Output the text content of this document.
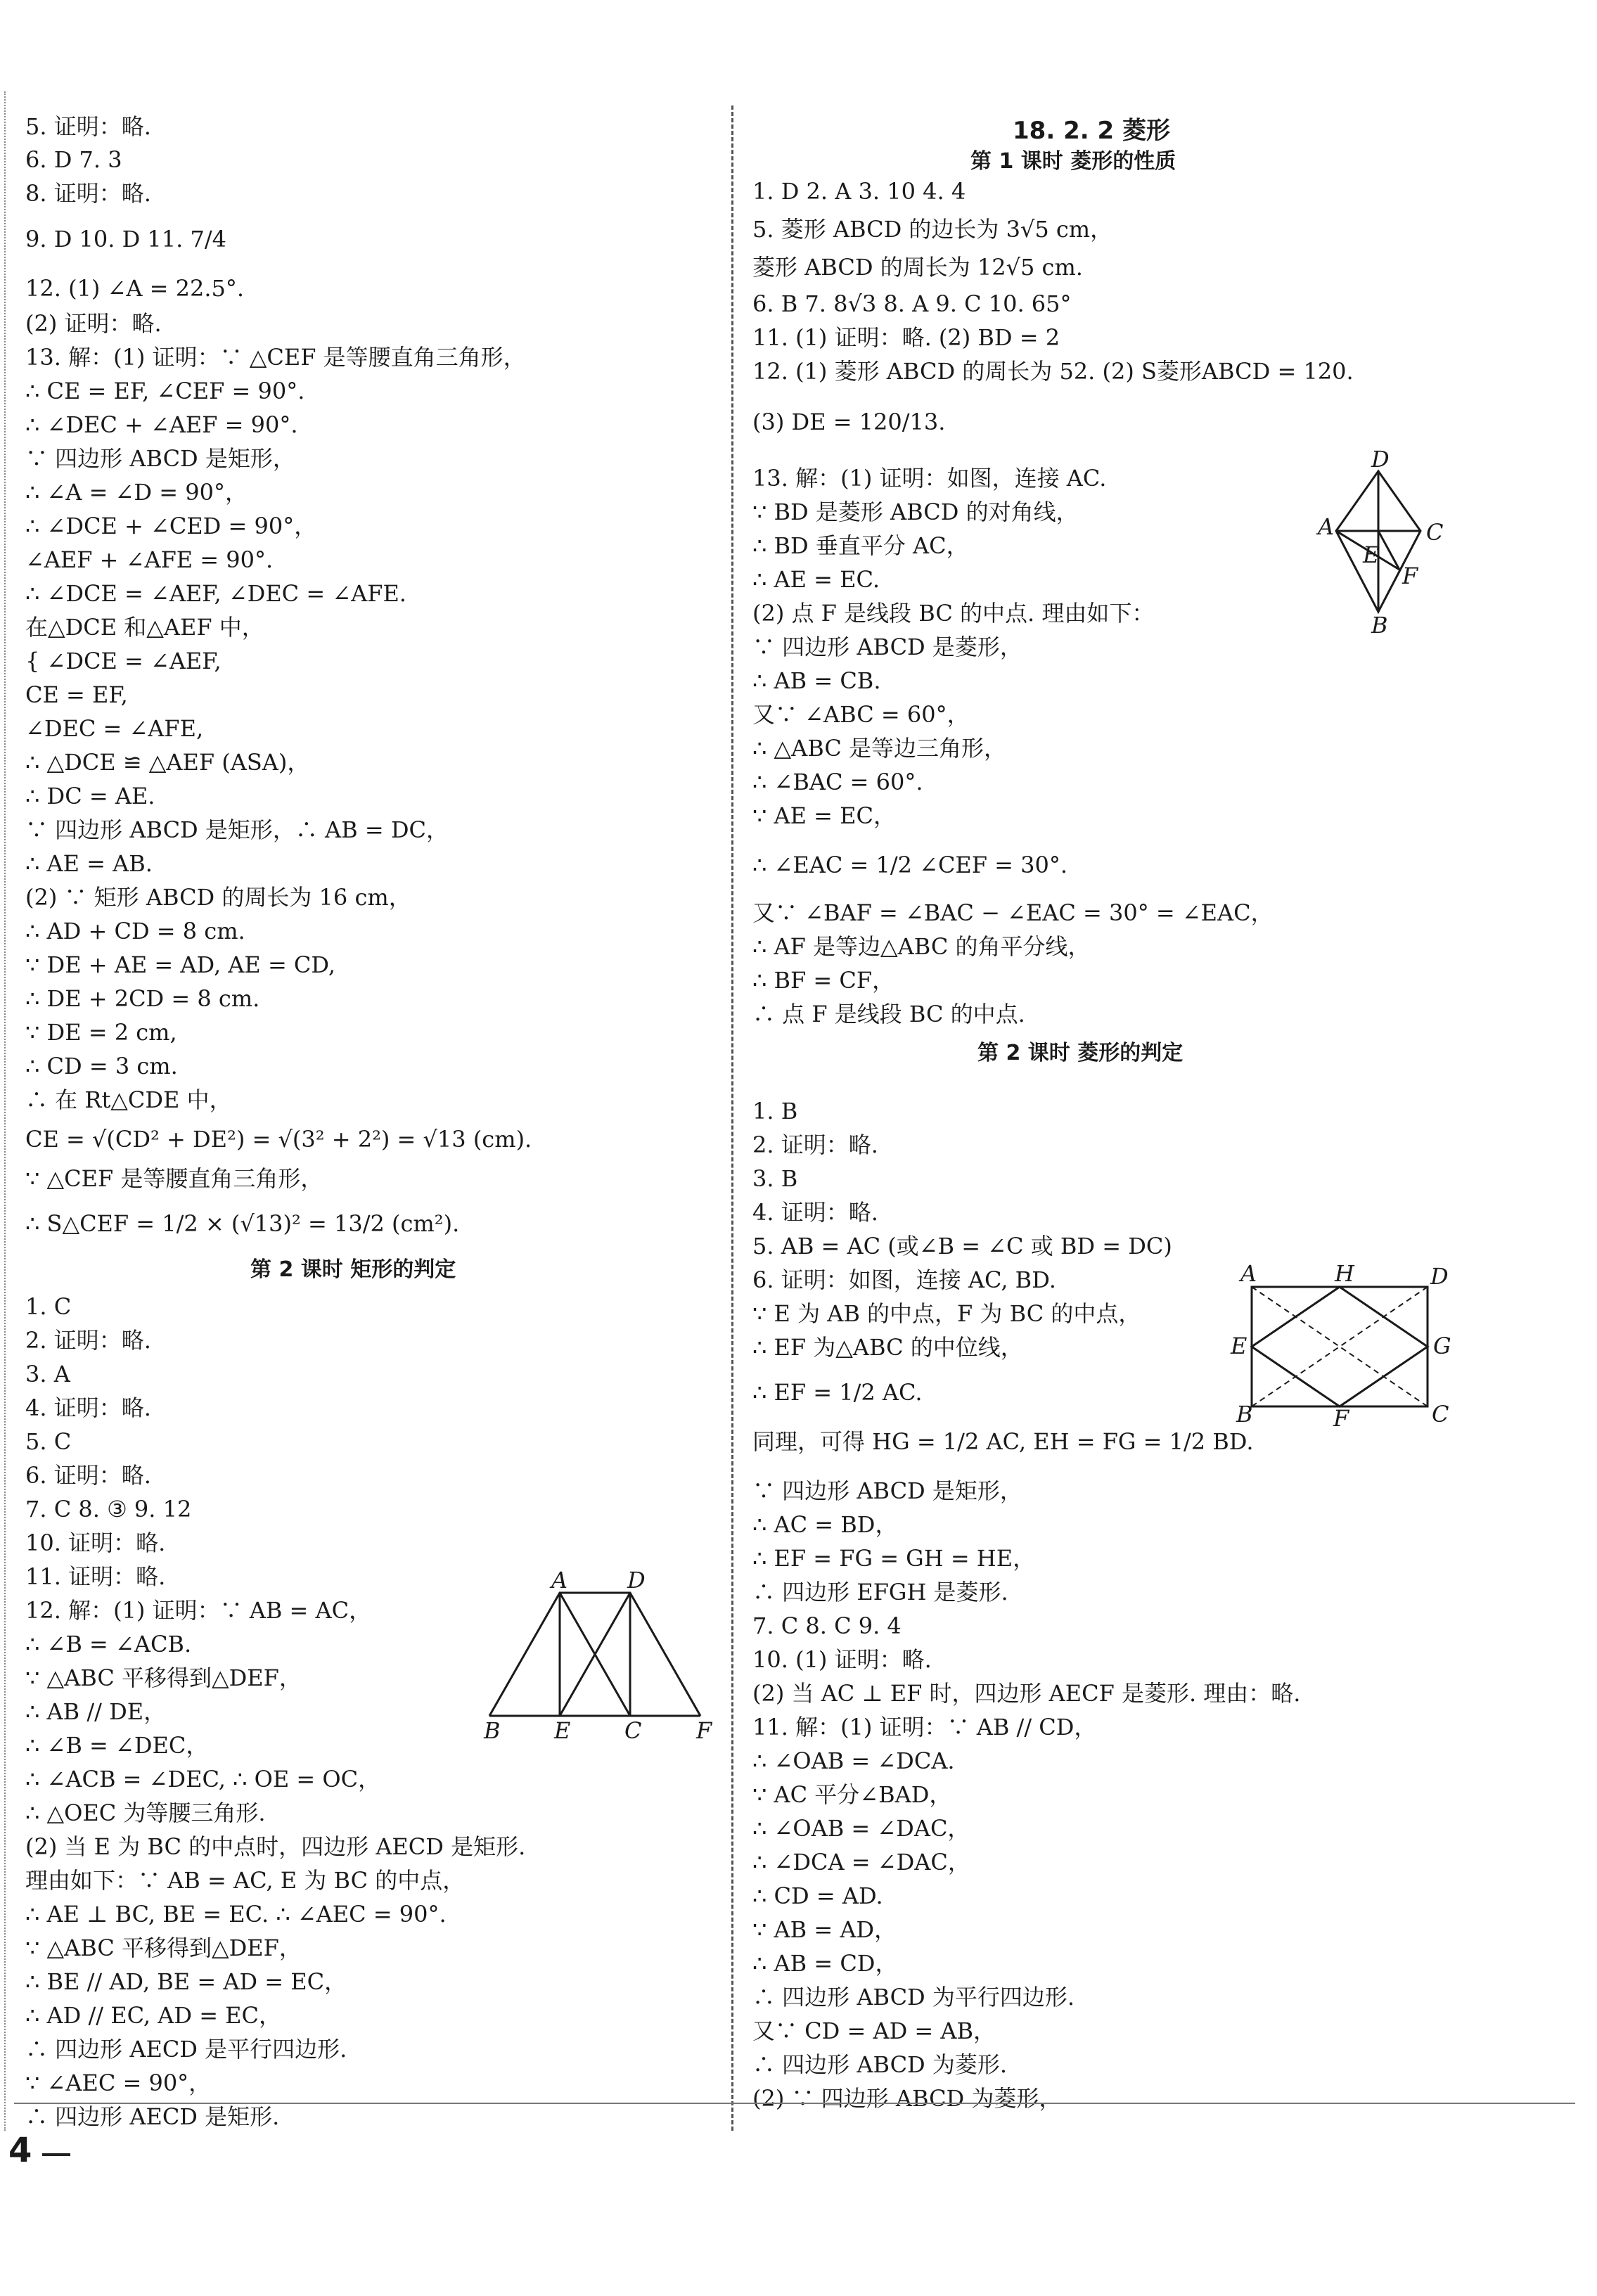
5. 证明：略.
6. D 7. 3
8. 证明：略.
9. D 10. D 11. 7/4
12. (1) ∠A = 22.5°.
(2) 证明：略.
13. 解：(1) 证明：∵ △CEF 是等腰直角三角形，
∴ CE = EF, ∠CEF = 90°.
∴ ∠DEC + ∠AEF = 90°.
∵ 四边形 ABCD 是矩形，
∴ ∠A = ∠D = 90°，
∴ ∠DCE + ∠CED = 90°，
∠AEF + ∠AFE = 90°.
∴ ∠DCE = ∠AEF, ∠DEC = ∠AFE.
在△DCE 和△AEF 中，
{ ∠DCE = ∠AEF,
CE = EF,
∠DEC = ∠AFE,
∴ △DCE ≌ △AEF (ASA)，
∴ DC = AE.
∵ 四边形 ABCD 是矩形，∴ AB = DC，
∴ AE = AB.
(2) ∵ 矩形 ABCD 的周长为 16 cm，
∴ AD + CD = 8 cm.
∵ DE + AE = AD, AE = CD,
∴ DE + 2CD = 8 cm.
∵ DE = 2 cm,
∴ CD = 3 cm.
∴ 在 Rt△CDE 中，
CE = √(CD² + DE²) = √(3² + 2²) = √13 (cm).
∵ △CEF 是等腰直角三角形，
∴ S△CEF = 1/2 × (√13)² = 13/2 (cm²).
第 2 课时 矩形的判定
1. C
2. 证明：略.
3. A
4. 证明：略.
5. C
6. 证明：略.
7. C 8. ③ 9. 12
10. 证明：略.
11. 证明：略.
12. 解：(1) 证明：∵ AB = AC，
∴ ∠B = ∠ACB.
∵ △ABC 平移得到△DEF，
∴ AB // DE，
∴ ∠B = ∠DEC，
∴ ∠ACB = ∠DEC, ∴ OE = OC，
∴ △OEC 为等腰三角形.
(2) 当 E 为 BC 的中点时，四边形 AECD 是矩形.
理由如下：∵ AB = AC, E 为 BC 的中点，
∴ AE ⊥ BC, BE = EC. ∴ ∠AEC = 90°.
∵ △ABC 平移得到△DEF，
∴ BE // AD, BE = AD = EC，
∴ AD // EC, AD = EC，
∴ 四边形 AECD 是平行四边形.
∵ ∠AEC = 90°，
∴ 四边形 AECD 是矩形.
A	D
B E C F
18. 2. 2 菱形
第 1 课时 菱形的性质
1. D 2. A 3. 10 4. 4
5. 菱形 ABCD 的边长为 3√5 cm，
菱形 ABCD 的周长为 12√5 cm.
6. B 7. 8√3 8. A 9. C 10. 65°
11. (1) 证明：略. (2) BD = 2
12. (1) 菱形 ABCD 的周长为 52. (2) S菱形ABCD = 120.
(3) DE = 120/13.
13. 解：(1) 证明：如图，连接 AC.
∵ BD 是菱形 ABCD 的对角线，
∴ BD 垂直平分 AC，
∴ AE = EC.
(2) 点 F 是线段 BC 的中点. 理由如下：
∵ 四边形 ABCD 是菱形，
∴ AB = CB.
又∵ ∠ABC = 60°，
∴ △ABC 是等边三角形，
∴ ∠BAC = 60°.
∵ AE = EC，
∴ ∠EAC = 1/2 ∠CEF = 30°.
又∵ ∠BAF = ∠BAC − ∠EAC = 30° = ∠EAC，
∴ AF 是等边△ABC 的角平分线，
∴ BF = CF，
∴ 点 F 是线段 BC 的中点.
第 2 课时 菱形的判定
1. B
2. 证明：略.
3. B
4. 证明：略.
5. AB = AC (或∠B = ∠C 或 BD = DC)
6. 证明：如图，连接 AC, BD.
∵ E 为 AB 的中点，F 为 BC 的中点，
∴ EF 为△ABC 的中位线，
∴ EF = 1/2 AC.
同理，可得 HG = 1/2 AC, EH = FG = 1/2 BD.
∵ 四边形 ABCD 是矩形，
∴ AC = BD，
∴ EF = FG = GH = HE，
∴ 四边形 EFGH 是菱形.
7. C 8. C 9. 4
10. (1) 证明：略.
(2) 当 AC ⊥ EF 时，四边形 AECF 是菱形. 理由：略.
11. 解：(1) 证明：∵ AB // CD，
∴ ∠OAB = ∠DCA.
∵ AC 平分∠BAD，
∴ ∠OAB = ∠DAC，
∴ ∠DCA = ∠DAC，
∴ CD = AD.
∵ AB = AD，
∴ AB = CD，
∴ 四边形 ABCD 为平行四边形.
又∵ CD = AD = AB，
∴ 四边形 ABCD 为菱形.
(2) ∵ 四边形 ABCD 为菱形，
D
A	C
E
F
B
A	H	D
E	G
B	F	C
4
